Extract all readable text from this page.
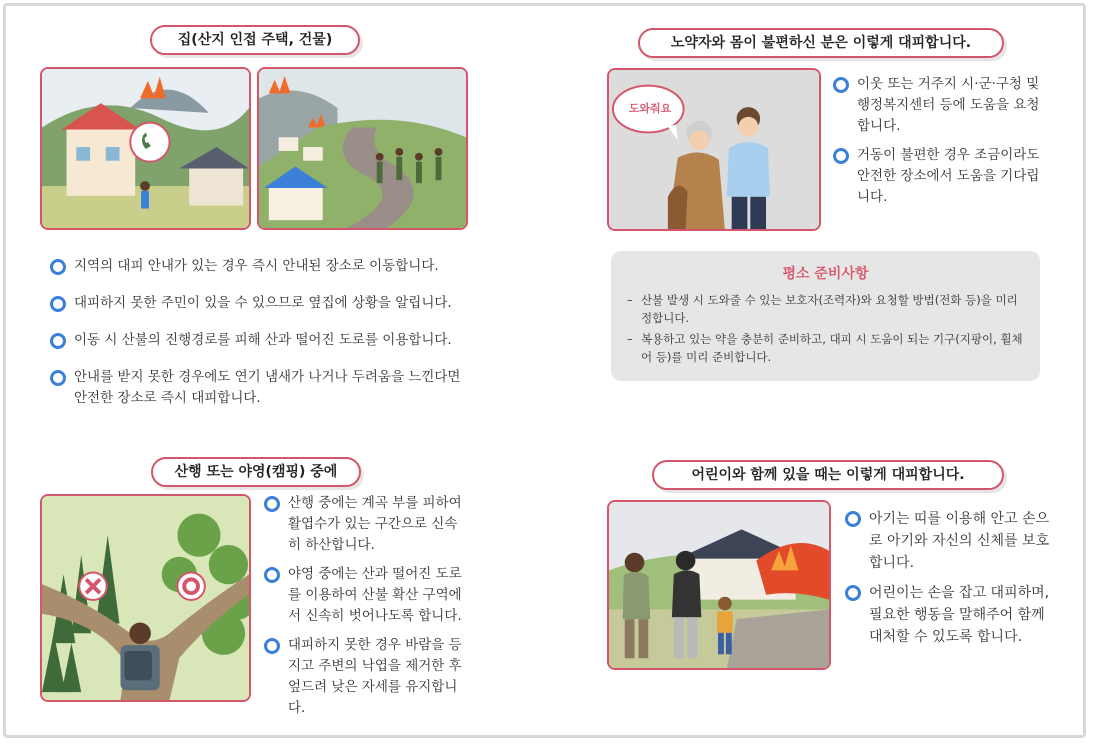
집(산지 인접 주택, 건물)
지역의 대피 안내가 있는 경우 즉시 안내된 장소로 이동합니다.
대피하지 못한 주민이 있을 수 있으므로 옆집에 상황을 알립니다.
이동 시 산불의 진행경로를 피해 산과 떨어진 도로를 이용합니다.
안내를 받지 못한 경우에도 연기 냄새가 나거나 두려움을 느낀다면 안전한 장소로 즉시 대피합니다.
노약자와 몸이 불편하신 분은 이렇게 대피합니다.
도와줘요
이웃 또는 거주지 시·군·구청 및 행정복지센터 등에 도움을 요청합니다.
거동이 불편한 경우 조금이라도 안전한 장소에서 도움을 기다립니다.
평소 준비사항
– 산불 발생 시 도와줄 수 있는 보호자(조력자)와 요청할 방법(전화 등)을 미리 정합니다.
– 복용하고 있는 약을 충분히 준비하고, 대피 시 도움이 되는 기구(지팡이, 휠체어 등)를 미리 준비합니다.
산행 또는 야영(캠핑) 중에
산행 중에는 계곡 부를 피하여 활엽수가 있는 구간으로 신속히 하산합니다.
야영 중에는 산과 떨어진 도로를 이용하여 산불 확산 구역에서 신속히 벗어나도록 합니다.
대피하지 못한 경우 바람을 등지고 주변의 낙엽을 제거한 후 엎드려 낮은 자세를 유지합니다.
어린이와 함께 있을 때는 이렇게 대피합니다.
아기는 띠를 이용해 안고 손으로 아기와 자신의 신체를 보호합니다.
어린이는 손을 잡고 대피하며, 필요한 행동을 말해주어 함께 대처할 수 있도록 합니다.
